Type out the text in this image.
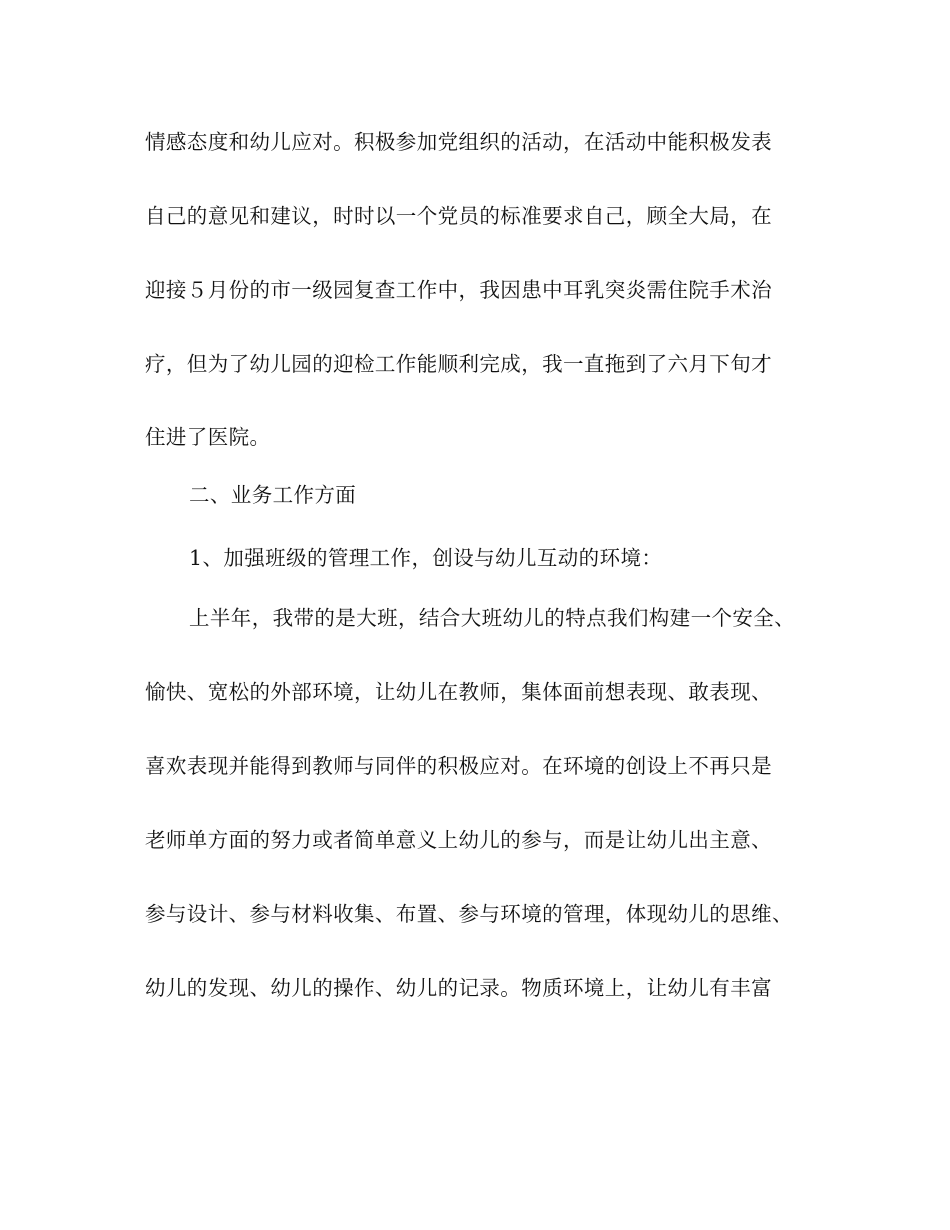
情感态度和幼儿应对。积极参加党组织的活动，在活动中能积极发表
自己的意见和建议，时时以一个党员的标准要求自己，顾全大局，在
迎接５月份的市一级园复查工作中，我因患中耳乳突炎需住院手术治
疗，但为了幼儿园的迎检工作能顺利完成，我一直拖到了六月下旬才
住进了医院。
二、业务工作方面
1、加强班级的管理工作，创设与幼儿互动的环境：
上半年，我带的是大班，结合大班幼儿的特点我们构建一个安全、
愉快、宽松的外部环境，让幼儿在教师，集体面前想表现、敢表现、
喜欢表现并能得到教师与同伴的积极应对。在环境的创设上不再只是
老师单方面的努力或者简单意义上幼儿的参与，而是让幼儿出主意、
参与设计、参与材料收集、布置、参与环境的管理，体现幼儿的思维、
幼儿的发现、幼儿的操作、幼儿的记录。物质环境上，让幼儿有丰富
